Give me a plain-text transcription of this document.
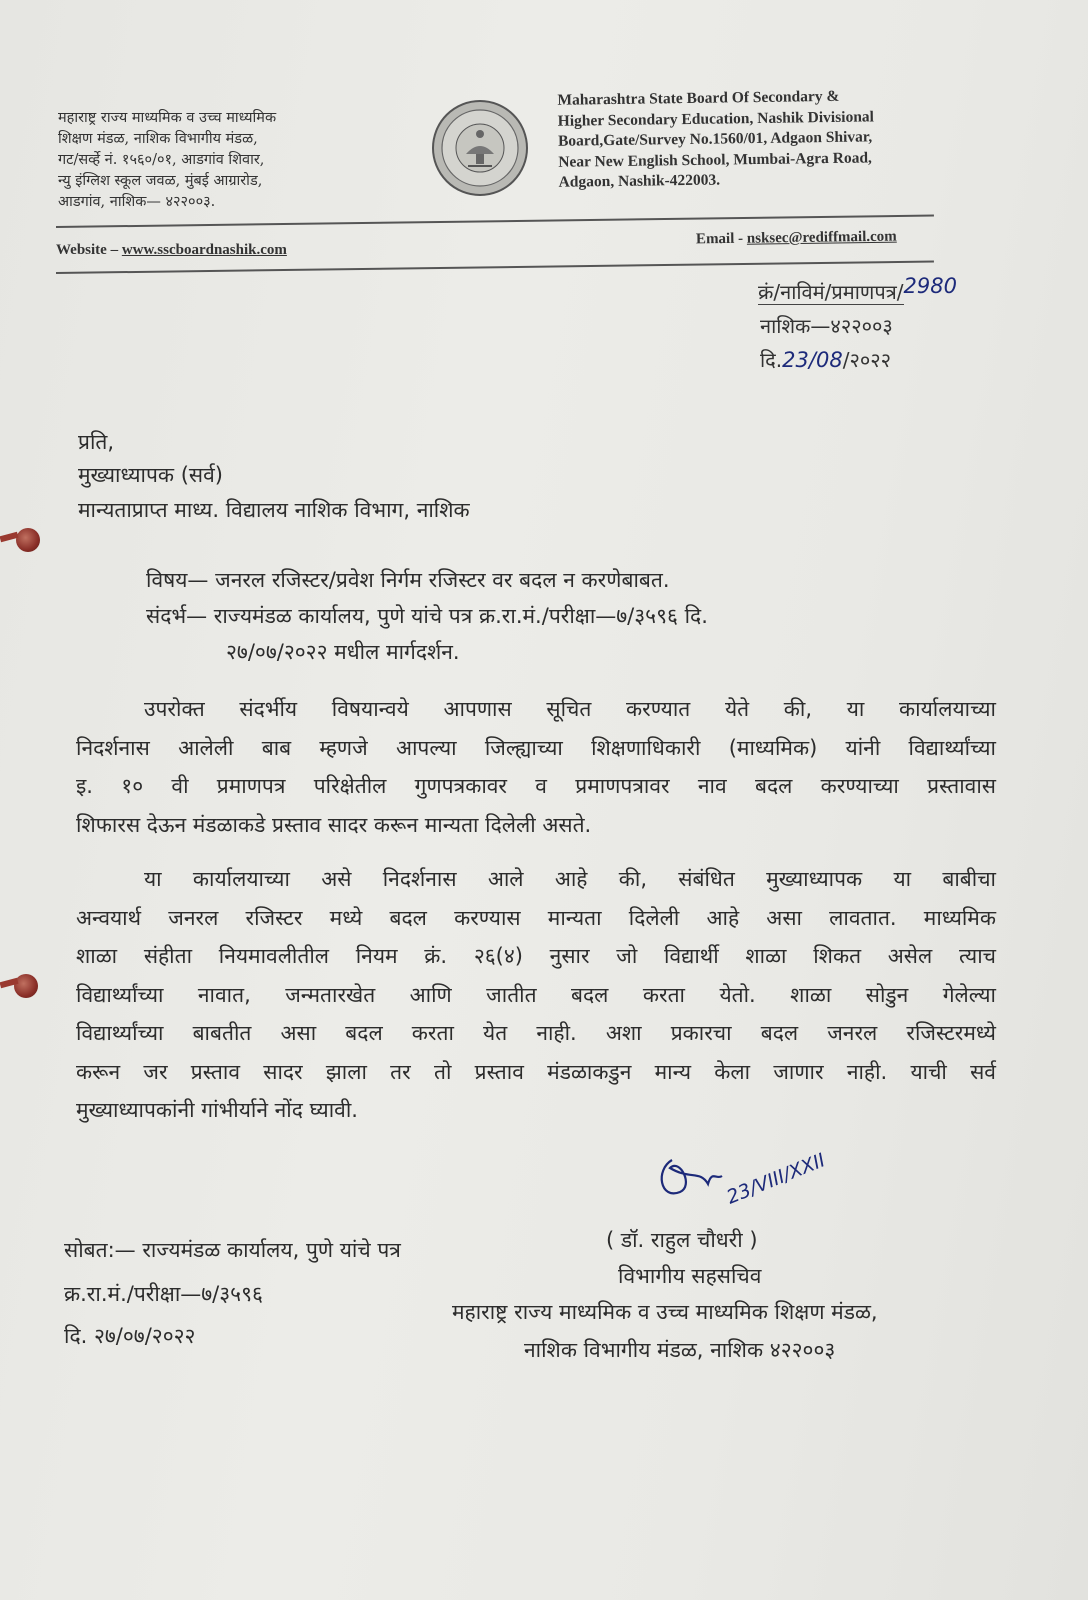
महाराष्ट्र राज्य माध्यमिक व उच्च माध्यमिक
शिक्षण मंडळ, नाशिक विभागीय मंडळ,
गट/सर्व्हे नं. १५६०/०१, आडगांव शिवार,
न्यु इंग्लिश स्कूल जवळ, मुंबई आग्रारोड,
आडगांव, नाशिक— ४२२००३.
Maharashtra State Board Of Secondary &
Higher Secondary Education, Nashik Divisional
Board,Gate/Survey No.1560/01, Adgaon Shivar,
Near New English School, Mumbai-Agra Road,
Adgaon, Nashik-422003.
Website – www.sscboardnashik.com
Email - nsksec@rediffmail.com
क्रं/नाविमं/प्रमाणपत्र/2980
नाशिक—४२२००३
दि.23/08/२०२२
प्रति,
मुख्याध्यापक (सर्व)
मान्यताप्राप्त माध्य. विद्यालय नाशिक विभाग, नाशिक
विषय— जनरल रजिस्टर/प्रवेश निर्गम रजिस्टर वर बदल न करणेबाबत.
संदर्भ— राज्यमंडळ कार्यालय, पुणे यांचे पत्र क्र.रा.मं./परीक्षा—७/३५९६ दि.
२७/०७/२०२२ मधील मार्गदर्शन.
उपरोक्त संदर्भीय विषयान्वये आपणास सूचित करण्यात येते की, या कार्यालयाच्या
निदर्शनास आलेली बाब म्हणजे आपल्या जिल्ह्याच्या शिक्षणाधिकारी (माध्यमिक) यांनी विद्यार्थ्यांच्या
इ. १० वी प्रमाणपत्र परिक्षेतील गुणपत्रकावर व प्रमाणपत्रावर नाव बदल करण्याच्या प्रस्तावास
शिफारस देऊन मंडळाकडे प्रस्ताव सादर करून मान्यता दिलेली असते.
या कार्यालयाच्या असे निदर्शनास आले आहे की, संबंधित मुख्याध्यापक या बाबीचा
अन्वयार्थ जनरल रजिस्टर मध्ये बदल करण्यास मान्यता दिलेली आहे असा लावतात. माध्यमिक
शाळा संहीता नियमावलीतील नियम क्रं. २६(४) नुसार जो विद्यार्थी शाळा शिकत असेल त्याच
विद्यार्थ्यांच्या नावात, जन्मतारखेत आणि जातीत बदल करता येतो. शाळा सोडुन गेलेल्या
विद्यार्थ्यांच्या बाबतीत असा बदल करता येत नाही. अशा प्रकारचा बदल जनरल रजिस्टरमध्ये
करून जर प्रस्ताव सादर झाला तर तो प्रस्ताव मंडळाकडुन मान्य केला जाणार नाही. याची सर्व
मुख्याध्यापकांनी गांभीर्याने नोंद घ्यावी.
23/VIII/XXII
( डॉ. राहुल चौधरी )
विभागीय सहसचिव
महाराष्ट्र राज्य माध्यमिक व उच्च माध्यमिक शिक्षण मंडळ,
नाशिक विभागीय मंडळ, नाशिक ४२२००३
सोबत:— राज्यमंडळ कार्यालय, पुणे यांचे पत्र
क्र.रा.मं./परीक्षा—७/३५९६
दि. २७/०७/२०२२
